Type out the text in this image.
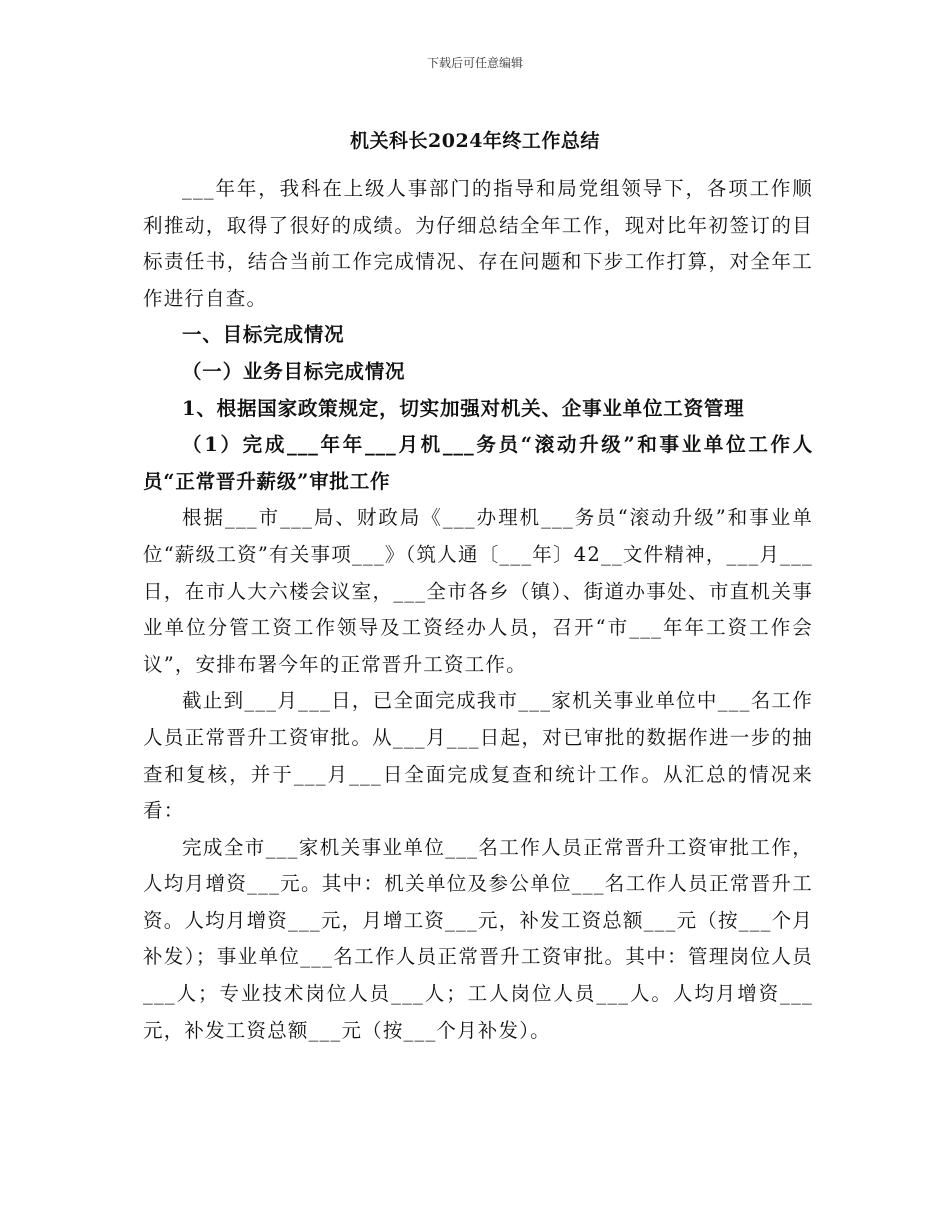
下载后可任意编辑
机关科长2024年终工作总结

___年年，我科在上级人事部门的指导和局党组领导下，各项工作顺利推动，取得了很好的成绩。为仔细总结全年工作，现对比年初签订的目标责任书，结合当前工作完成情况、存在问题和下步工作打算，对全年工作进行自查。

一、目标完成情况

（一）业务目标完成情况

1、根据国家政策规定，切实加强对机关、企事业单位工资管理

（1）完成___年年___月机___务员“滚动升级”和事业单位工作人员“正常晋升薪级”审批工作

根据___市___局、财政局《___办理机___务员“滚动升级”和事业单位“薪级工资”有关事项___》（筑人通〔___年〕42__文件精神，___月___日，在市人大六楼会议室，___全市各乡（镇）、街道办事处、市直机关事业单位分管工资工作领导及工资经办人员，召开“市___年年工资工作会议”，安排布署今年的正常晋升工资工作。

截止到___月___日，已全面完成我市___家机关事业单位中___名工作人员正常晋升工资审批。从___月___日起，对已审批的数据作进一步的抽查和复核，并于___月___日全面完成复查和统计工作。从汇总的情况来看：

完成全市___家机关事业单位___名工作人员正常晋升工资审批工作，人均月增资___元。其中：机关单位及参公单位___名工作人员正常晋升工资。人均月增资___元，月增工资___元，补发工资总额___元（按___个月补发）；事业单位___名工作人员正常晋升工资审批。其中：管理岗位人员___人；专业技术岗位人员___人；工人岗位人员___人。人均月增资___元，补发工资总额___元（按___个月补发）。
